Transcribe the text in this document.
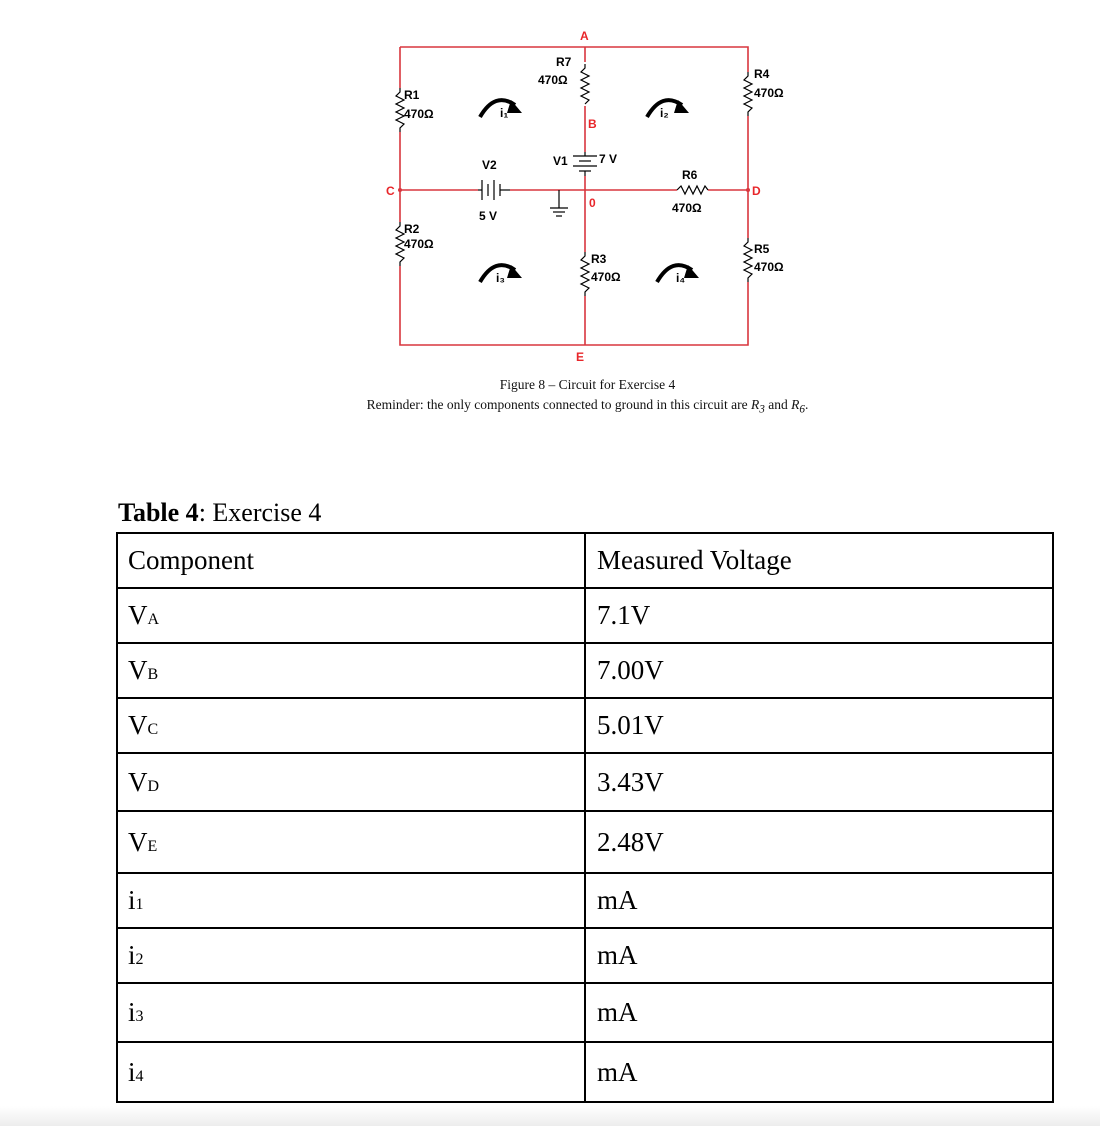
R1
470Ω
R2
470Ω
R7
470Ω
R3
470Ω
R4
470Ω
R5
470Ω
R6
470Ω
V2
5 V
V1	7 V
A
B
C	D
E
0
i₁	i₂
i₃	i₄
Figure 8 – Circuit for Exercise 4
Reminder: the only components connected to ground in this circuit are $R_3$ and $R_6$.
Table 4: Exercise 4
Component	Measured Voltage
VA	7.1V
VB	7.00V
VC	5.01V
VD	3.43V
VE	2.48V
i1	mA
i2	mA
i3	mA
i4	mA
